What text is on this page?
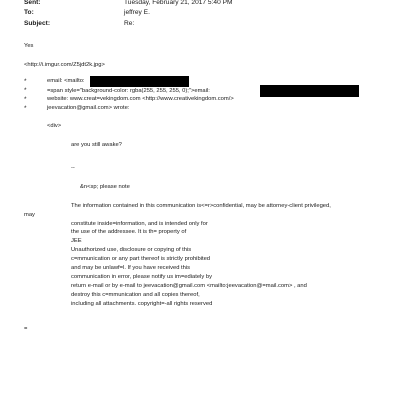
Sent:	Tuesday, February 21, 2017 5:40 PM
To:	jeffrey E.
Subject:	Re:
Yes
<http://i.imgur.com/Z5jdt2k.jpg>
*	email: <mailto:
*	=span style="background-color: rgba(255, 255, 255, 0);">email:
*	website: www.creat=vekingdom.com <http://www.creativekingdom.com/>
*	jeevacation@gmail.com> wrote:
<div>
are you still awake?
--
&n<sp; please note
The information contained in this communication is<=r>confidential, may be attorney-client privileged,
may
constitute inside=information, and is intended only for
the use of the addressee. It is th= property of
JEE
Unauthorized use, disclosure or copying of this
c=mmunication or any part thereof is strictly prohibited
and may be unlawf=l. If you have received this
communication in error, please notify us im=ediately by
return e-mail or by e-mail to jeevacation@gmail.com <mailto:jeevacation@=mail.com> , and
destroy this c=mmunication and all copies thereof,
including all attachments. copyright=-all rights reserved
=
